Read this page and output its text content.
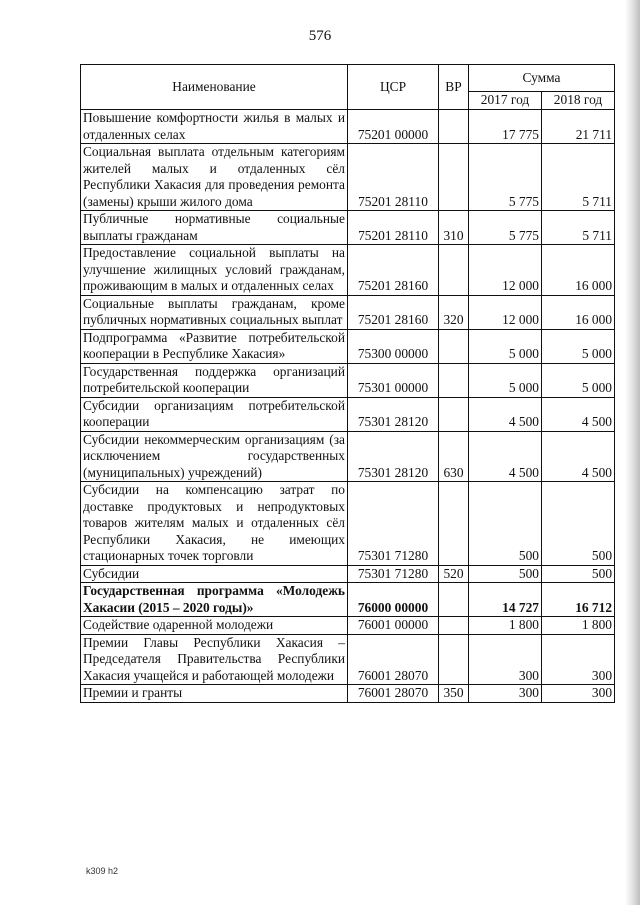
576
Наименование	ЦСР	ВР	Сумма	
			2017 год	2018 год
Повышение комфортности жилья в малых и отдаленных селах	75201 00000		17 775	21 711
Социальная выплата отдельным категориям жителей малых и отдаленных сёл Республики Хакасия для проведения ремонта (замены) крыши жилого дома	75201 28110		5 775	5 711
Публичные нормативные социальные выплаты гражданам	75201 28110	310	5 775	5 711
Предоставление социальной выплаты на улучшение жилищных условий гражданам, проживающим в малых и отдаленных селах	75201 28160		12 000	16 000
Социальные выплаты гражданам, кроме публичных нормативных социальных выплат	75201 28160	320	12 000	16 000
Подпрограмма «Развитие потребительской кооперации в Республике Хакасия»	75300 00000		5 000	5 000
Государственная поддержка организаций потребительской кооперации	75301 00000		5 000	5 000
Субсидии организациям потребительской кооперации	75301 28120		4 500	4 500
Субсидии некоммерческим организациям (за исключением государственных (муниципальных) учреждений)	75301 28120	630	4 500	4 500
Субсидии на компенсацию затрат по доставке продуктовых и непродуктовых товаров жителям малых и отдаленных сёл Республики Хакасия, не имеющих стационарных точек торговли	75301 71280		500	500
Субсидии	75301 71280	520	500	500
Государственная программа «Молодежь Хакасии (2015 – 2020 годы)»	76000 00000		14 727	16 712
Содействие одаренной молодежи	76001 00000		1 800	1 800
Премии Главы Республики Хакасия – Председателя Правительства Республики Хакасия учащейся и работающей молодежи	76001 28070		300	300
Премии и гранты	76001 28070	350	300	300
k309 h2
